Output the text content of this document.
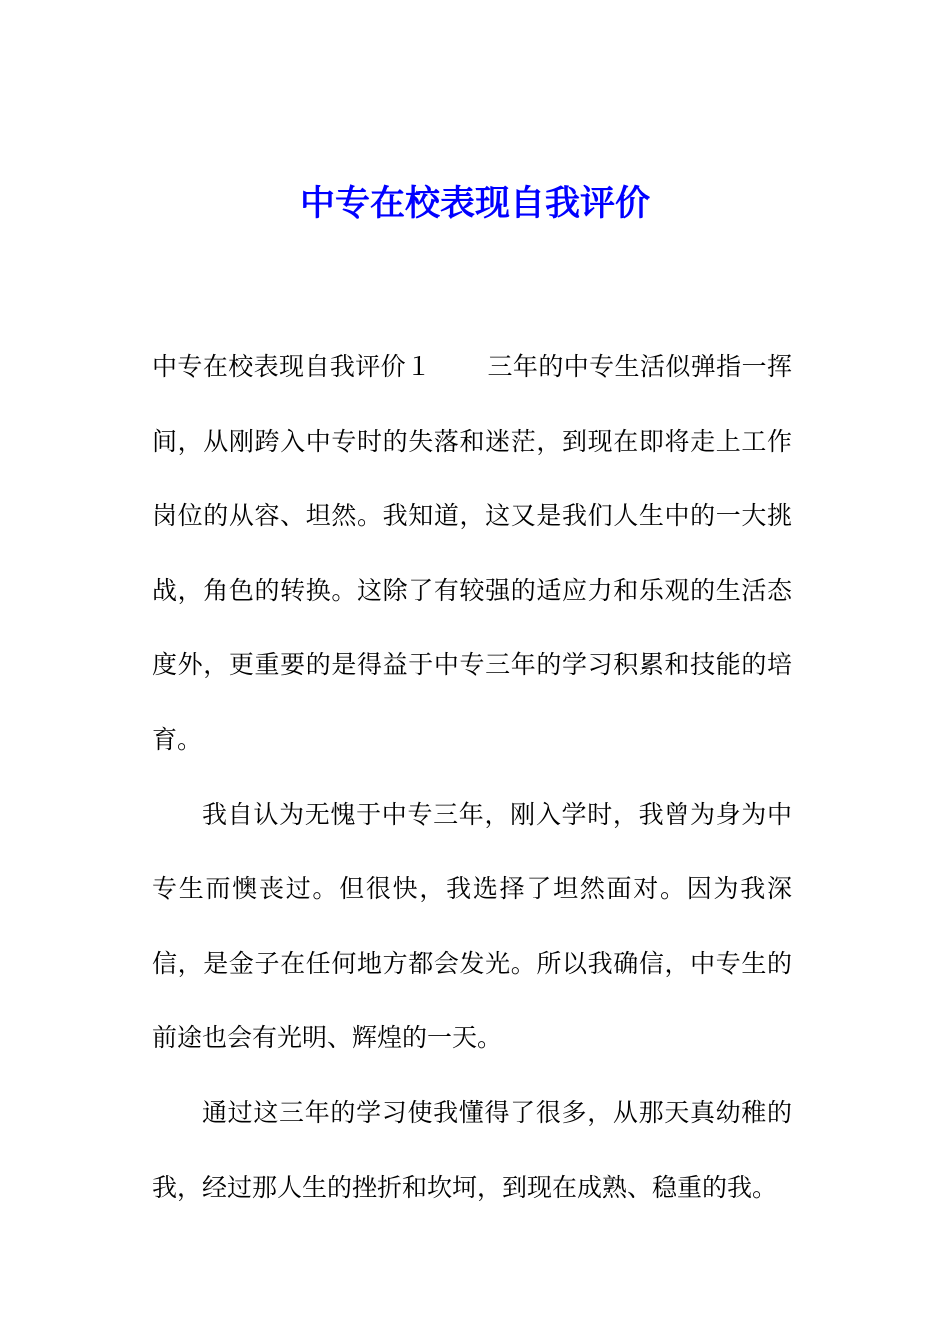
中专在校表现自我评价

中专在校表现自我评价１ 三年的中专生活似弹指一挥间，从刚跨入中专时的失落和迷茫，到现在即将走上工作岗位的从容、坦然。我知道，这又是我们人生中的一大挑战，角色的转换。这除了有较强的适应力和乐观的生活态度外，更重要的是得益于中专三年的学习积累和技能的培育。

我自认为无愧于中专三年，刚入学时，我曾为身为中专生而懊丧过。但很快，我选择了坦然面对。因为我深信，是金子在任何地方都会发光。所以我确信，中专生的前途也会有光明、辉煌的一天。

通过这三年的学习使我懂得了很多，从那天真幼稚的我，经过那人生的挫折和坎坷，到现在成熟、稳重的我。
